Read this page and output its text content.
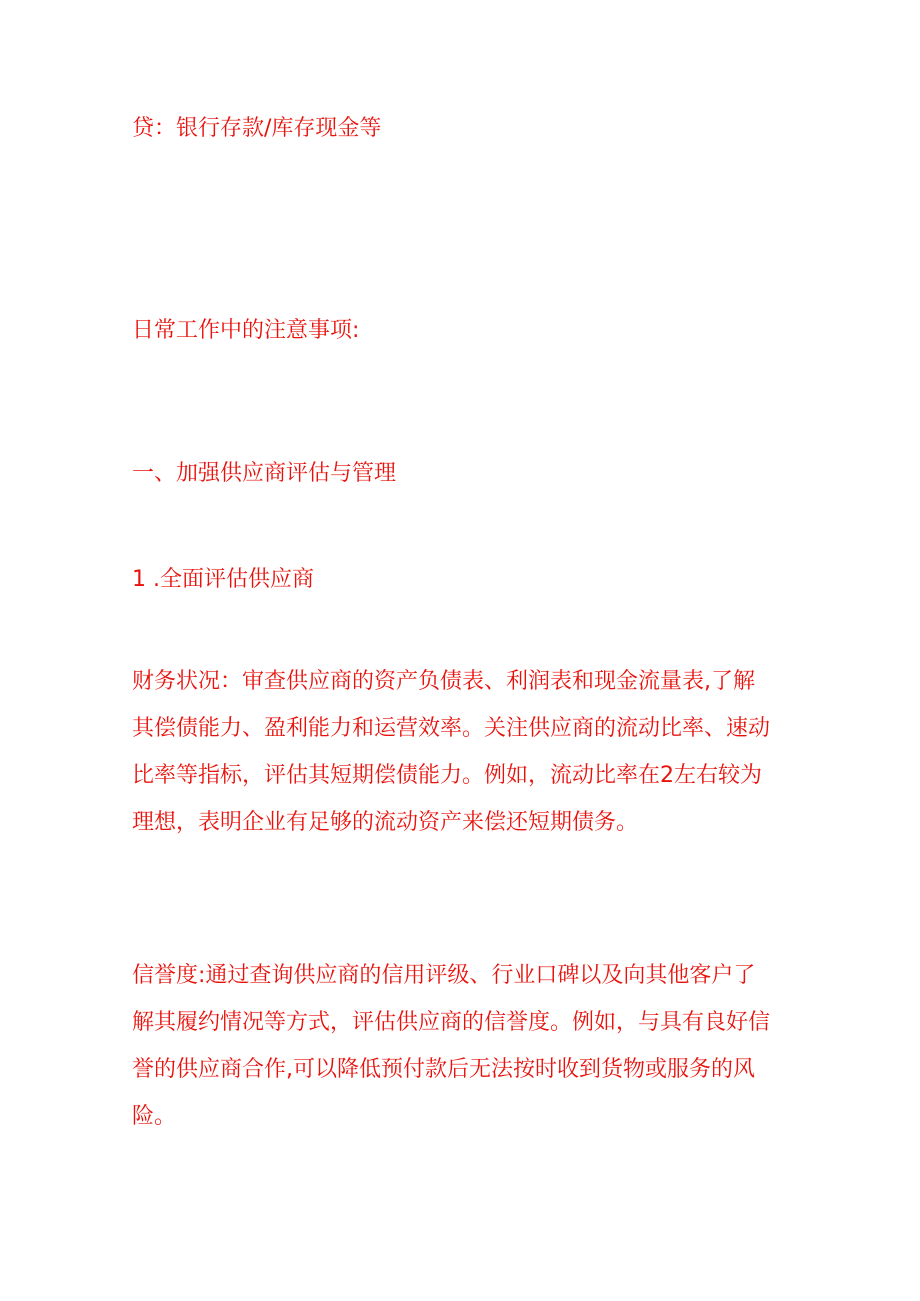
贷：银行存款/库存现金等

日常工作中的注意事项:

一、加强供应商评估与管理

1 .全面评估供应商

财务状况：审查供应商的资产负债表、利润表和现金流量表,了解
其偿债能力、盈利能力和运营效率。关注供应商的流动比率、速动
比率等指标，评估其短期偿债能力。例如，流动比率在2左右较为
理想，表明企业有足够的流动资产来偿还短期债务。
信誉度:通过查询供应商的信用评级、行业口碑以及向其他客户了
解其履约情况等方式，评估供应商的信誉度。例如，与具有良好信
誉的供应商合作,可以降低预付款后无法按时收到货物或服务的风
险。
